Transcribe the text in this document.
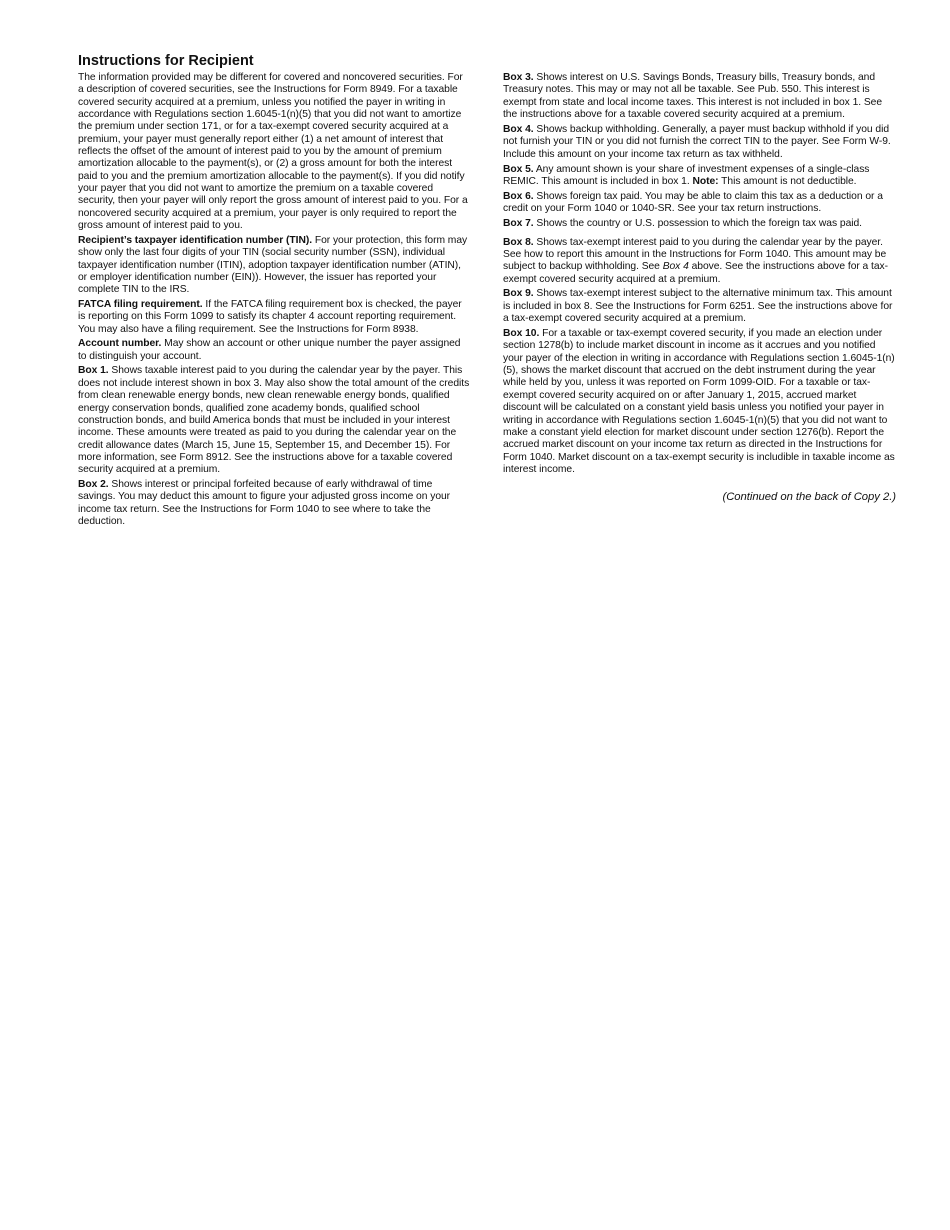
Instructions for Recipient

The information provided may be different for covered and noncovered securities. For a description of covered securities, see the Instructions for Form 8949. For a taxable covered security acquired at a premium, unless you notified the payer in writing in accordance with Regulations section 1.6045-1(n)(5) that you did not want to amortize the premium under section 171, or for a tax-exempt covered security acquired at a premium, your payer must generally report either (1) a net amount of interest that reflects the offset of the amount of interest paid to you by the amount of premium amortization allocable to the payment(s), or (2) a gross amount for both the interest paid to you and the premium amortization allocable to the payment(s). If you did notify your payer that you did not want to amortize the premium on a taxable covered security, then your payer will only report the gross amount of interest paid to you. For a noncovered security acquired at a premium, your payer is only required to report the gross amount of interest paid to you.

Recipient’s taxpayer identification number (TIN). For your protection, this form may show only the last four digits of your TIN (social security number (SSN), individual taxpayer identification number (ITIN), adoption taxpayer identification number (ATIN), or employer identification number (EIN)). However, the issuer has reported your complete TIN to the IRS.

FATCA filing requirement. If the FATCA filing requirement box is checked, the payer is reporting on this Form 1099 to satisfy its chapter 4 account reporting requirement. You may also have a filing requirement. See the Instructions for Form 8938.

Account number. May show an account or other unique number the payer assigned to distinguish your account.

Box 1. Shows taxable interest paid to you during the calendar year by the payer. This does not include interest shown in box 3. May also show the total amount of the credits from clean renewable energy bonds, new clean renewable energy bonds, qualified energy conservation bonds, qualified zone academy bonds, qualified school construction bonds, and build America bonds that must be included in your interest income. These amounts were treated as paid to you during the calendar year on the credit allowance dates (March 15, June 15, September 15, and December 15). For more information, see Form 8912. See the instructions above for a taxable covered security acquired at a premium.

Box 2. Shows interest or principal forfeited because of early withdrawal of time savings. You may deduct this amount to figure your adjusted gross income on your income tax return. See the Instructions for Form 1040 to see where to take the deduction.

Box 3. Shows interest on U.S. Savings Bonds, Treasury bills, Treasury bonds, and Treasury notes. This may or may not all be taxable. See Pub. 550. This interest is exempt from state and local income taxes. This interest is not included in box 1. See the instructions above for a taxable covered security acquired at a premium.

Box 4. Shows backup withholding. Generally, a payer must backup withhold if you did not furnish your TIN or you did not furnish the correct TIN to the payer. See Form W-9. Include this amount on your income tax return as tax withheld.

Box 5. Any amount shown is your share of investment expenses of a single-class REMIC. This amount is included in box 1. Note: This amount is not deductible.

Box 6. Shows foreign tax paid. You may be able to claim this tax as a deduction or a credit on your Form 1040 or 1040-SR. See your tax return instructions.

Box 7. Shows the country or U.S. possession to which the foreign tax was paid.

Box 8. Shows tax-exempt interest paid to you during the calendar year by the payer. See how to report this amount in the Instructions for Form 1040. This amount may be subject to backup withholding. See Box 4 above. See the instructions above for a tax-exempt covered security acquired at a premium.

Box 9. Shows tax-exempt interest subject to the alternative minimum tax. This amount is included in box 8. See the Instructions for Form 6251. See the instructions above for a tax-exempt covered security acquired at a premium.

Box 10. For a taxable or tax-exempt covered security, if you made an election under section 1278(b) to include market discount in income as it accrues and you notified your payer of the election in writing in accordance with Regulations section 1.6045-1(n)(5), shows the market discount that accrued on the debt instrument during the year while held by you, unless it was reported on Form 1099-OID. For a taxable or tax-exempt covered security acquired on or after January 1, 2015, accrued market discount will be calculated on a constant yield basis unless you notified your payer in writing in accordance with Regulations section 1.6045-1(n)(5) that you did not want to make a constant yield election for market discount under section 1276(b). Report the accrued market discount on your income tax return as directed in the Instructions for Form 1040. Market discount on a tax-exempt security is includible in taxable income as interest income.

(Continued on the back of Copy 2.)
